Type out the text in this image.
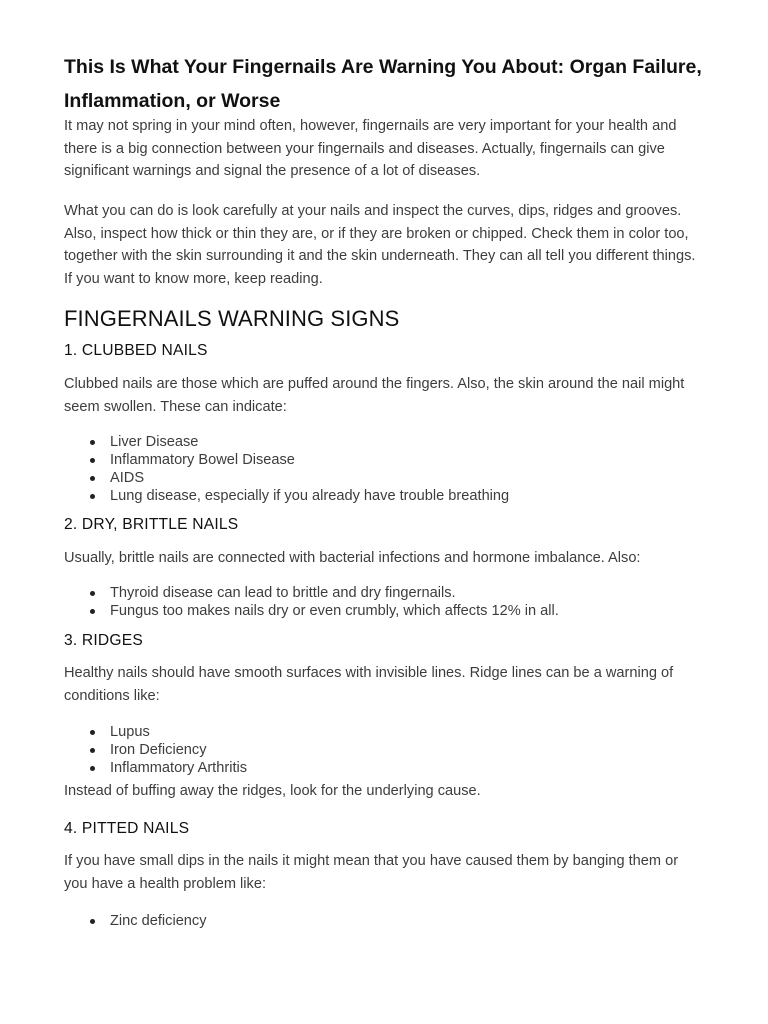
This Is What Your Fingernails Are Warning You About: Organ Failure, Inflammation, or Worse

It may not spring in your mind often, however, fingernails are very important for your health and there is a big connection between your fingernails and diseases. Actually, fingernails can give significant warnings and signal the presence of a lot of diseases.

What you can do is look carefully at your nails and inspect the curves, dips, ridges and grooves. Also, inspect how thick or thin they are, or if they are broken or chipped. Check them in color too, together with the skin surrounding it and the skin underneath. They can all tell you different things. If you want to know more, keep reading.

FINGERNAILS WARNING SIGNS
1. CLUBBED NAILS

Clubbed nails are those which are puffed around the fingers. Also, the skin around the nail might seem swollen. These can indicate:

Liver Disease
Inflammatory Bowel Disease
AIDS
Lung disease, especially if you already have trouble breathing
2. DRY, BRITTLE NAILS

Usually, brittle nails are connected with bacterial infections and hormone imbalance. Also:

Thyroid disease can lead to brittle and dry fingernails.
Fungus too makes nails dry or even crumbly, which affects 12% in all.
3. RIDGES

Healthy nails should have smooth surfaces with invisible lines. Ridge lines can be a warning of conditions like:

Lupus
Iron Deficiency
Inflammatory Arthritis

Instead of buffing away the ridges, look for the underlying cause.

4. PITTED NAILS

If you have small dips in the nails it might mean that you have caused them by banging them or you have a health problem like:

Zinc deficiency
